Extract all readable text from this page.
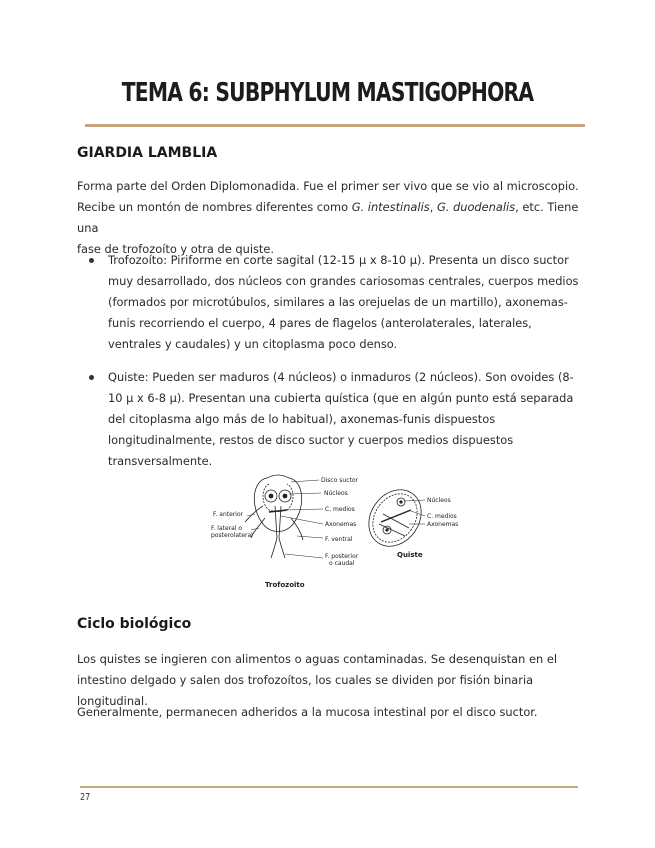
TEMA 6: SUBPHYLUM MASTIGOPHORA
GIARDIA LAMBLIA
Forma parte del Orden Diplomonadida. Fue el primer ser vivo que se vio al microscopio.
Recibe un montón de nombres diferentes como G. intestinalis, G. duodenalis, etc. Tiene una
fase de trofozoíto y otra de quiste.
Trofozoíto: Piriforme en corte sagital (12-15 µ x 8-10 µ). Presenta un disco suctor muy desarrollado, dos núcleos con grandes cariosomas centrales, cuerpos medios (formados por microtúbulos, similares a las orejuelas de un martillo), axonemas-funis recorriendo el cuerpo, 4 pares de flagelos (anterolaterales, laterales, ventrales y caudales) y un citoplasma poco denso.
Quiste: Pueden ser maduros (4 núcleos) o inmaduros (2 núcleos). Son ovoides (8-10 µ x 6-8 µ). Presentan una cubierta quística (que en algún punto está separada del citoplasma algo más de lo habitual), axonemas-funis dispuestos longitudinalmente, restos de disco suctor y cuerpos medios dispuestos transversalmente.
Disco suctor
Núcleos
C. medios
Axonemas
F. ventral
F. posterior
o caudal
F. anterior
F. lateral o
posterolateral
Trofozoito
Núcleos
C. medios
Axonemas
Quiste
Ciclo biológico
Los quistes se ingieren con alimentos o aguas contaminadas. Se desenquistan en el intestino delgado y salen dos trofozoítos, los cuales se dividen por fisión binaria longitudinal.
Generalmente, permanecen adheridos a la mucosa intestinal por el disco suctor.
27
